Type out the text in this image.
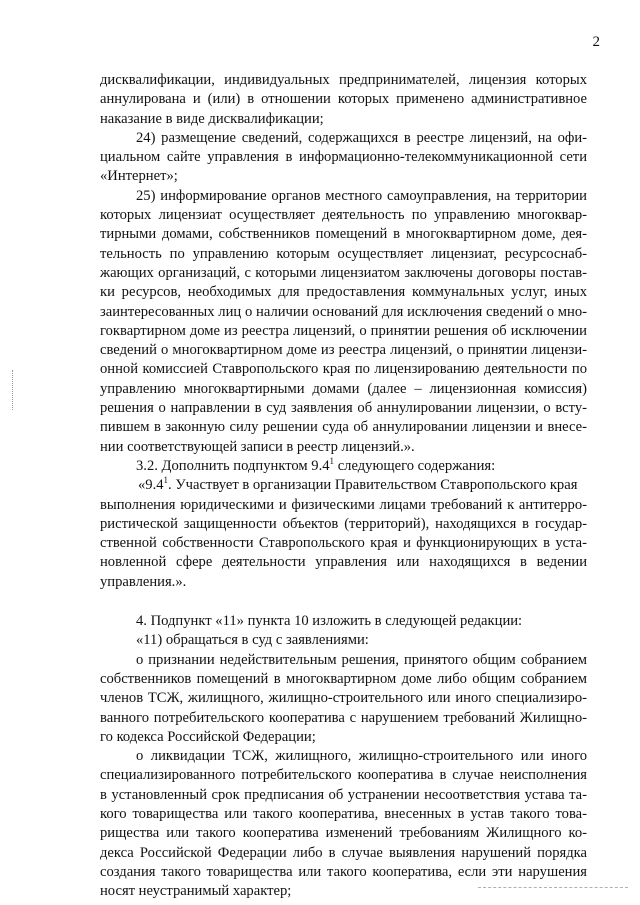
2
дисквалификации, индивидуальных предпринимателей, лицензия которых
аннулирована и (или) в отношении которых применено административное
наказание в виде дисквалификации;
24) размещение сведений, содержащихся в реестре лицензий, на офи-
циальном сайте управления в информационно-телекоммуникационной сети
«Интернет»;
25) информирование органов местного самоуправления, на территории
которых лицензиат осуществляет деятельность по управлению многоквар-
тирными домами, собственников помещений в многоквартирном доме, дея-
тельность по управлению которым осуществляет лицензиат, ресурсоснаб-
жающих организаций, с которыми лицензиатом заключены договоры постав-
ки ресурсов, необходимых для предоставления коммунальных услуг, иных
заинтересованных лиц о наличии оснований для исключения сведений о мно-
гоквартирном доме из реестра лицензий, о принятии решения об исключении
сведений о многоквартирном доме из реестра лицензий, о принятии лицензи-
онной комиссией Ставропольского края по лицензированию деятельности по
управлению многоквартирными домами (далее – лицензионная комиссия)
решения о направлении в суд заявления об аннулировании лицензии, о всту-
пившем в законную силу решении суда об аннулировании лицензии и внесе-
нии соответствующей записи в реестр лицензий.».
3.2. Дополнить подпунктом $9.4^1$ следующего содержания:
«$9.4^1$. Участвует в организации Правительством Ставропольского края
выполнения юридическими и физическими лицами требований к антитерро-
ристической защищенности объектов (территорий), находящихся в государ-
ственной собственности Ставропольского края и функционирующих в уста-
новленной сфере деятельности управления или находящихся в ведении
управления.».
4. Подпункт «11» пункта 10 изложить в следующей редакции:
«11) обращаться в суд с заявлениями:
о признании недействительным решения, принятого общим собранием
собственников помещений в многоквартирном доме либо общим собранием
членов ТСЖ, жилищного, жилищно-строительного или иного специализиро-
ванного потребительского кооператива с нарушением требований Жилищно-
го кодекса Российской Федерации;
о ликвидации ТСЖ, жилищного, жилищно-строительного или иного
специализированного потребительского кооператива в случае неисполнения
в установленный срок предписания об устранении несоответствия устава та-
кого товарищества или такого кооператива, внесенных в устав такого това-
рищества или такого кооператива изменений требованиям Жилищного ко-
декса Российской Федерации либо в случае выявления нарушений порядка
создания такого товарищества или такого кооператива, если эти нарушения
носят неустранимый характер;
